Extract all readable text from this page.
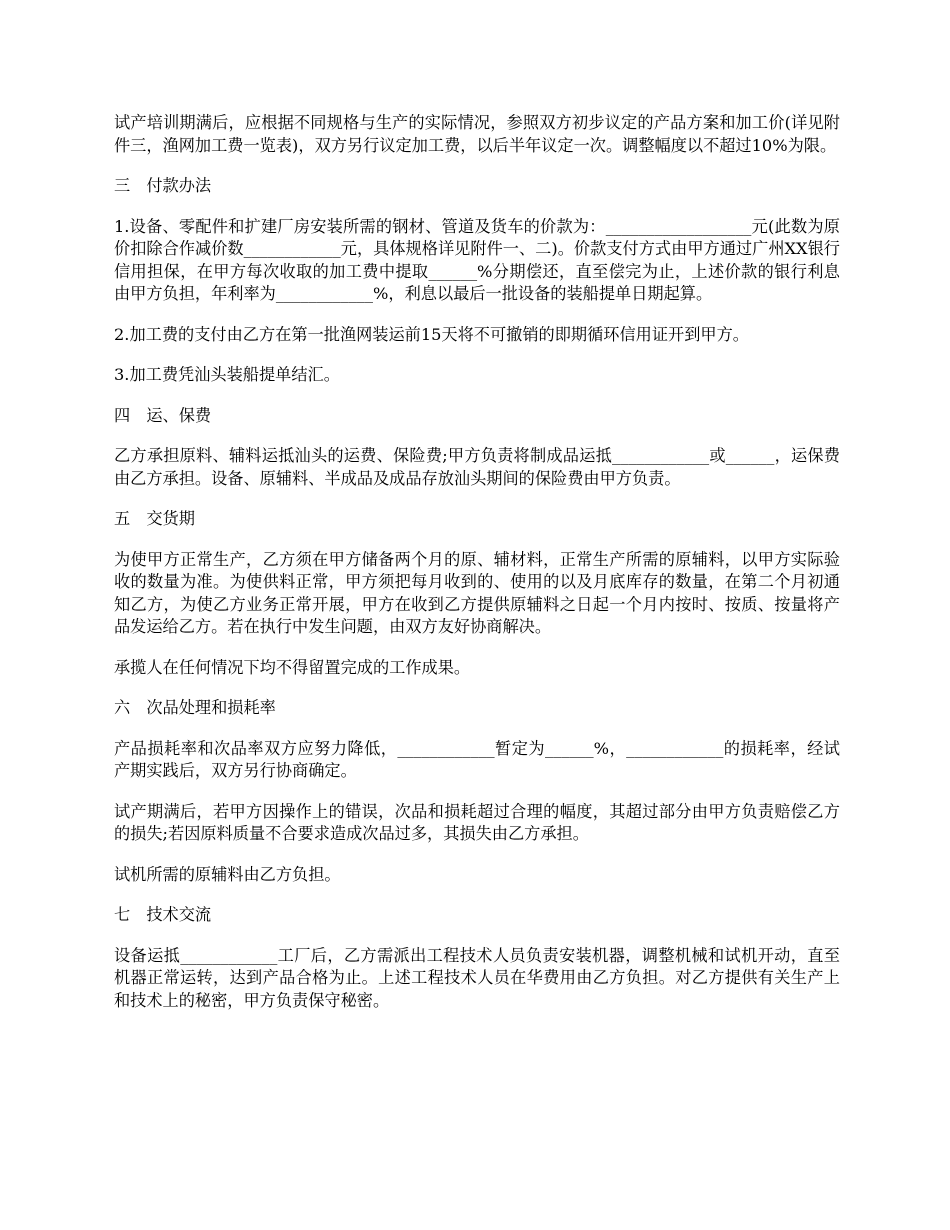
试产培训期满后，应根据不同规格与生产的实际情况，参照双方初步议定的产品方案和加工价(详见附件三，渔网加工费一览表)，双方另行议定加工费，以后半年议定一次。调整幅度以不超过10%为限。

三　付款办法

1.设备、零配件和扩建厂房安装所需的钢材、管道及货车的价款为：__________________元(此数为原价扣除合作减价数____________元，具体规格详见附件一、二)。价款支付方式由甲方通过广州XX银行信用担保，在甲方每次收取的加工费中提取______%分期偿还，直至偿完为止，上述价款的银行利息由甲方负担，年利率为____________%，利息以最后一批设备的装船提单日期起算。

2.加工费的支付由乙方在第一批渔网装运前15天将不可撤销的即期循环信用证开到甲方。

3.加工费凭汕头装船提单结汇。

四　运、保费

乙方承担原料、辅料运抵汕头的运费、保险费;甲方负责将制成品运抵____________或______，运保费由乙方承担。设备、原辅料、半成品及成品存放汕头期间的保险费由甲方负责。

五　交货期

为使甲方正常生产，乙方须在甲方储备两个月的原、辅材料，正常生产所需的原辅料，以甲方实际验收的数量为准。为使供料正常，甲方须把每月收到的、使用的以及月底库存的数量，在第二个月初通知乙方，为使乙方业务正常开展，甲方在收到乙方提供原辅料之日起一个月内按时、按质、按量将产品发运给乙方。若在执行中发生问题，由双方友好协商解决。

承揽人在任何情况下均不得留置完成的工作成果。

六　次品处理和损耗率

产品损耗率和次品率双方应努力降低，____________暂定为______%，____________的损耗率，经试产期实践后，双方另行协商确定。

试产期满后，若甲方因操作上的错误，次品和损耗超过合理的幅度，其超过部分由甲方负责赔偿乙方的损失;若因原料质量不合要求造成次品过多，其损失由乙方承担。

试机所需的原辅料由乙方负担。

七　技术交流

设备运抵____________工厂后，乙方需派出工程技术人员负责安装机器，调整机械和试机开动，直至机器正常运转，达到产品合格为止。上述工程技术人员在华费用由乙方负担。对乙方提供有关生产上和技术上的秘密，甲方负责保守秘密。
